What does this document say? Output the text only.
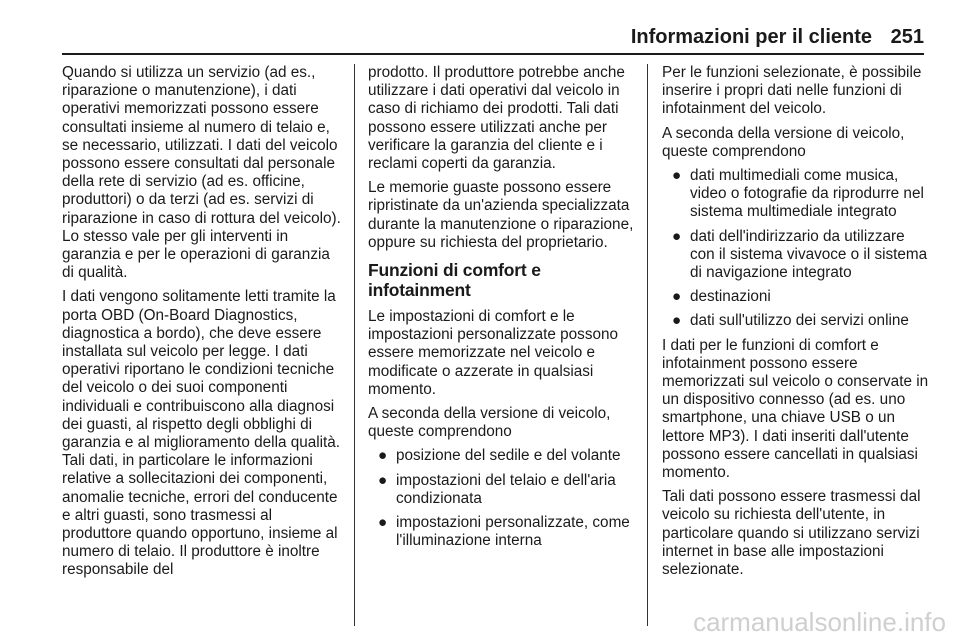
Informazioni per il cliente 251

Quando si utilizza un servizio (ad es., riparazione o manutenzione), i dati operativi memorizzati possono essere consultati insieme al numero di telaio e, se necessario, utilizzati. I dati del veicolo possono essere consultati dal personale della rete di servizio (ad es. officine, produttori) o da terzi (ad es. servizi di riparazione in caso di rottura del veicolo). Lo stesso vale per gli interventi in garanzia e per le operazioni di garanzia di qualità.

I dati vengono solitamente letti tramite la porta OBD (On-Board Diagnostics, diagnostica a bordo), che deve essere installata sul veicolo per legge. I dati operativi riportano le condizioni tecniche del veicolo o dei suoi componenti individuali e contribuiscono alla diagnosi dei guasti, al rispetto degli obblighi di garanzia e al miglioramento della qualità. Tali dati, in particolare le informazioni relative a sollecitazioni dei componenti, anomalie tecniche, errori del conducente e altri guasti, sono trasmessi al produttore quando opportuno, insieme al numero di telaio. Il produttore è inoltre responsabile del

prodotto. Il produttore potrebbe anche utilizzare i dati operativi dal veicolo in caso di richiamo dei prodotti. Tali dati possono essere utilizzati anche per verificare la garanzia del cliente e i reclami coperti da garanzia.

Le memorie guaste possono essere ripristinate da un'azienda specializzata durante la manutenzione o riparazione, oppure su richiesta del proprietario.

Funzioni di comfort e infotainment

Le impostazioni di comfort e le impostazioni personalizzate possono essere memorizzate nel veicolo e modificate o azzerate in qualsiasi momento.

A seconda della versione di veicolo, queste comprendono

● posizione del sedile e del volante
● impostazioni del telaio e dell'aria condizionata
● impostazioni personalizzate, come l'illuminazione interna

Per le funzioni selezionate, è possibile inserire i propri dati nelle funzioni di infotainment del veicolo.

A seconda della versione di veicolo, queste comprendono

● dati multimediali come musica, video o fotografie da riprodurre nel sistema multimediale integrato
● dati dell'indirizzario da utilizzare con il sistema vivavoce o il sistema di navigazione integrato
● destinazioni
● dati sull'utilizzo dei servizi online

I dati per le funzioni di comfort e infotainment possono essere memorizzati sul veicolo o conservate in un dispositivo connesso (ad es. uno smartphone, una chiave USB o un lettore MP3). I dati inseriti dall'utente possono essere cancellati in qualsiasi momento.

Tali dati possono essere trasmessi dal veicolo su richiesta dell'utente, in particolare quando si utilizzano servizi internet in base alle impostazioni selezionate.

carmanualsonline.info
